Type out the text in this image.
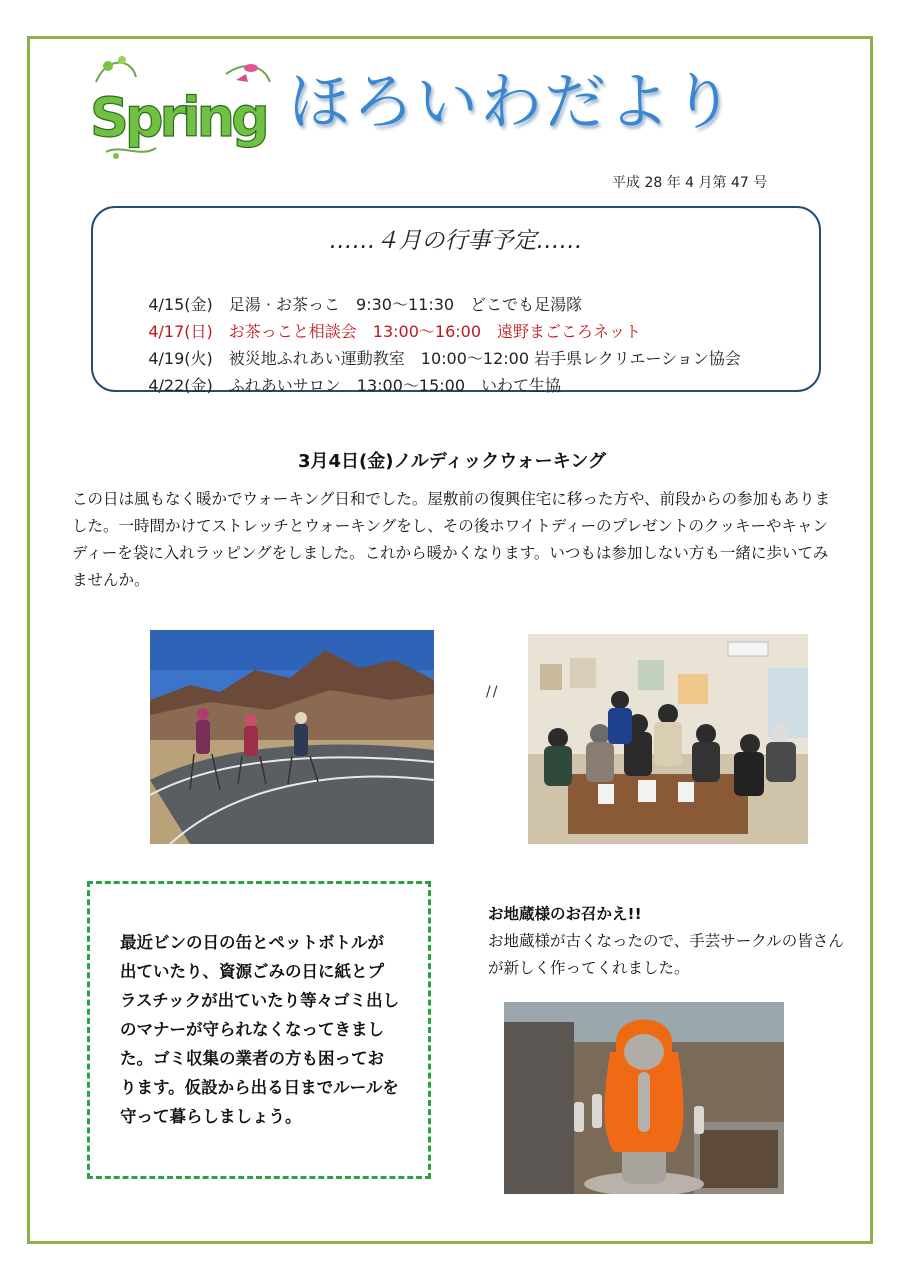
Spring ほろいわだより
平成 28 年 4 月第 47 号
……４月の行事予定……

4/15(金)　 足湯 · お茶っこ　9:30～11:30　どこでも足湯隊

4/17(日)　 お茶っこと相談会　13:00～16:00　遠野まごころネット

4/19(火)　 被災地ふれあい運動教室　10:00～12:00 岩手県レクリエーション協会

4/22(金)　 ふれあいサロン　13:00～15:00　いわて生協

3月4日(金)ノルディックウォーキング

この日は風もなく暖かでウォーキング日和でした。屋敷前の復興住宅に移った方や、前段からの参加もありました。一時間かけてストレッチとウォーキングをし、その後ホワイトディーのプレゼントのクッキーやキャンディーを袋に入れラッピングをしました。これから暖かくなります。いつもは参加しない方も一緒に歩いてみませんか。

//

最近ビンの日の缶とペットボトルが出ていたり、資源ごみの日に紙とプラスチックが出ていたり等々ゴミ出しのマナーが守られなくなってきました。ゴミ収集の業者の方も困っております。仮設から出る日までルールを守って暮らしましょう。

お地蔵様のお召かえ!!

お地蔵様が古くなったので、手芸サークルの皆さんが新しく作ってくれました。
